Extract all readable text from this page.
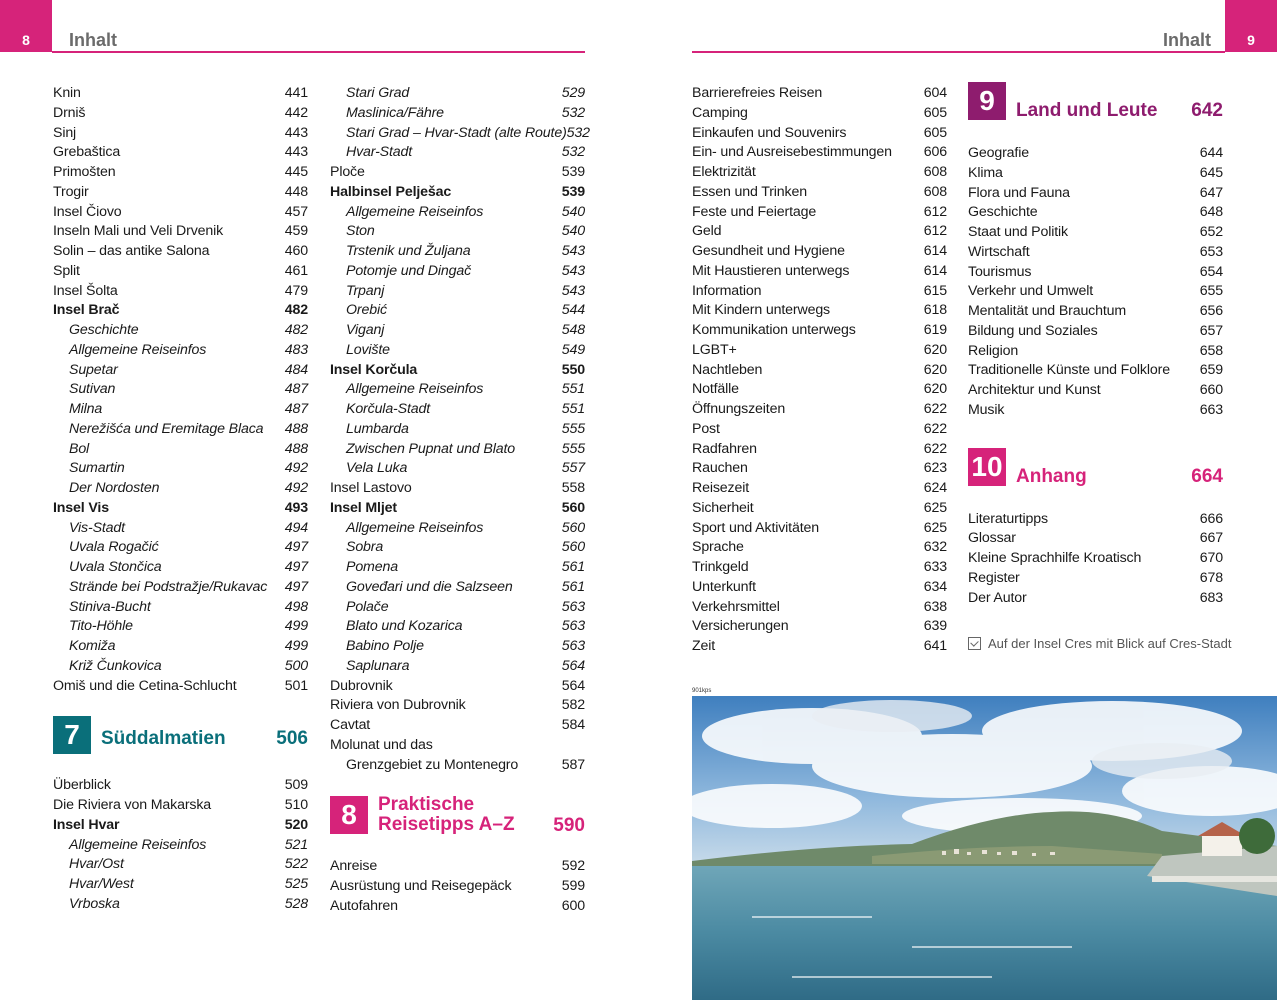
8 Inhalt	9
Inhalt
Knin	441
Drniš	442
Sinj	443
Grebaštica	443
Primošten	445
Trogir	448
Insel Čiovo	457
Inseln Mali und Veli Drvenik	459
Solin – das antike Salona	460
Split	461
Insel Šolta	479
Insel Brač	482
Geschichte	482
Allgemeine Reiseinfos	483
Supetar	484
Sutivan	487
Milna	487
Nerežišća und Eremitage Blaca 488
Bol	488
Sumartin	492
Der Nordosten	492
Insel Vis	493
Vis-Stadt	494
Uvala Rogačić	497
Uvala Stončica	497
Strände bei Podstražje/Rukavac 497
Stiniva-Bucht	498
Tito-Höhle	499
Komiža	499
Križ Čunkovica	500
Omiš und die Cetina-Schlucht	501
7	Süddalmatien	506
Überblick	509
Die Riviera von Makarska	510
Insel Hvar	520
Allgemeine Reiseinfos	521
Hvar/Ost	522
Hvar/West	525
Vrboska	528
Stari Grad	529
Maslinica/Fähre	532
Stari Grad – Hvar-Stadt (alte Route) 532
Hvar-Stadt	532
Ploče	539
Halbinsel Pelješac	539
Allgemeine Reiseinfos	540
Ston	540
Trstenik und Žuljana	543
Potomje und Dingač	543
Trpanj	543
Orebić	544
Viganj	548
Lovište	549
Insel Korčula	550
Allgemeine Reiseinfos	551
Korčula-Stadt	551
Lumbarda	555
Zwischen Pupnat und Blato	555
Vela Luka	557
Insel Lastovo	558
Insel Mljet	560
Allgemeine Reiseinfos	560
Sobra	560
Pomena	561
Goveđari und die Salzseen	561
Polače	563
Blato und Kozarica	563
Babino Polje	563
Saplunara	564
Dubrovnik	564
Riviera von Dubrovnik	582
Cavtat	584
Molunat und das
Grenzgebiet zu Montenegro	587
8	Praktische
Reisetipps A–Z	590
Anreise	592
Ausrüstung und Reisegepäck	599
Autofahren	600
Barrierefreies Reisen	604
Camping	605
Einkaufen und Souvenirs	605
Ein- und Ausreisebestimmungen 606
Elektrizität	608
Essen und Trinken	608
Feste und Feiertage	612
Geld	612
Gesundheit und Hygiene	614
Mit Haustieren unterwegs	614
Information	615
Mit Kindern unterwegs	618
Kommunikation unterwegs	619
LGBT+	620
Nachtleben	620
Notfälle	620
Öffnungszeiten	622
Post	622
Radfahren	622
Rauchen	623
Reisezeit	624
Sicherheit	625
Sport und Aktivitäten	625
Sprache	632
Trinkgeld	633
Unterkunft	634
Verkehrsmittel	638
Versicherungen	639
Zeit	641
9	Land und Leute	642
Geografie	644
Klima	645
Flora und Fauna	647
Geschichte	648
Staat und Politik	652
Wirtschaft	653
Tourismus	654
Verkehr und Umwelt	655
Mentalität und Brauchtum	656
Bildung und Soziales	657
Religion	658
Traditionelle Künste und Folklore 659
Architektur und Kunst	660
Musik	663
10 Anhang	664
Literaturtipps	666
Glossar	667
Kleine Sprachhilfe Kroatisch	670
Register	678
Der Autor	683
Auf der Insel Cres mit Blick auf Cres-Stadt
901kps
